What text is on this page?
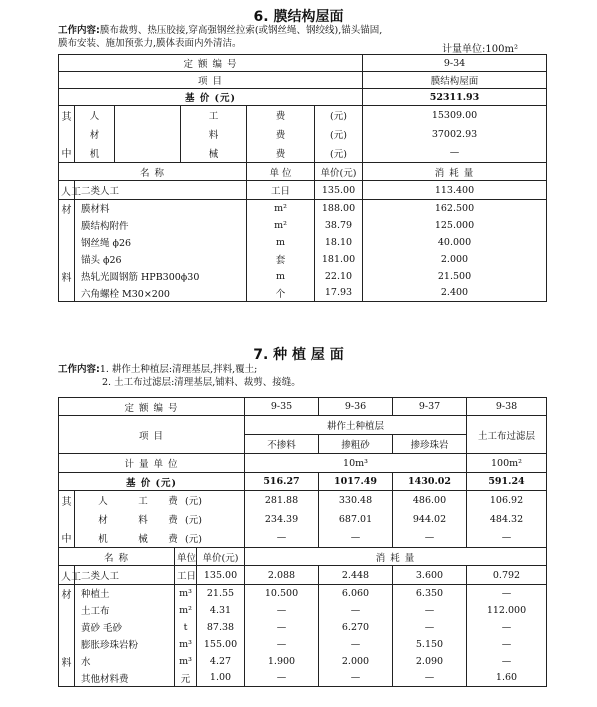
6. 膜结构屋面
工作内容:膜布裁剪、热压胶接,穿高强钢丝拉索(或钢丝绳、钢绞线),锚头锚固,
膜布安装、施加预张力,膜体表面内外清洁。
计量单位:100m²
定 额 编 号						9-34
项 目						膜结构屋面
基 价 (元)						52311.93
其	人		工	费	(元)	15309.00
	材		料	费	(元)	37002.93
中	机		械	费	(元)	—
名 称				单 位	单价(元)	消 耗 量
人工	二类人工			工日	135.00	113.400
材	膜材料			m²	188.00	162.500
	膜结构附件			m²	38.79	125.000
	钢丝绳 ϕ26			m	18.10	40.000
	锚头 ϕ26			套	181.00	2.000
料	热轧光圆钢筋 HPB300ϕ30			m	22.10	21.500
	六角螺栓 M30×200			个	17.93	2.400
7. 种 植 屋 面
工作内容:1. 耕作土种植层:清理基层,拌料,覆土;
2. 土工布过滤层:清理基层,铺料、裁剪、接缝。
定 额 编 号				9-35	9-36	9-37	9-38
项 目				耕作土种植层			土工布过滤层
				不掺料	掺粗砂	掺珍珠岩	
计 量 单 位				10m³			100m²
基 价 (元)				516.27	1017.49	1430.02	591.24
其	人 工 费 (元)			281.88	330.48	486.00	106.92
	材 料 费 (元)			234.39	687.01	944.02	484.32
中	机 械 费 (元)			—	—	—	—
名 称		单位	单价(元)	消 耗 量			
人工	二类人工	工日	135.00	2.088	2.448	3.600	0.792
材	种植土	m³	21.55	10.500	6.060	6.350	—
	土工布	m²	4.31	—	—	—	112.000
	黄砂 毛砂	t	87.38	—	6.270	—	—
	膨胀珍珠岩粉	m³	155.00	—	—	5.150	—
料	水	m³	4.27	1.900	2.000	2.090	—
	其他材料费	元	1.00	—	—	—	1.60
